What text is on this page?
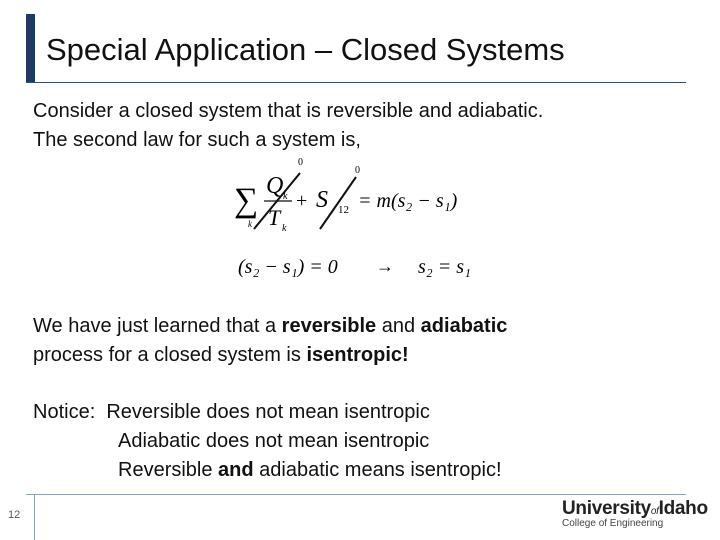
Special Application – Closed Systems
Consider a closed system that is reversible and adiabatic.
The second law for such a system is,
0
0
∑
k
Q k
T k
+ S 12 = m(s₂ − s₁)
(s₂ − s₁) = 0 → s₂ = s₁
We have just learned that a reversible and adiabatic
process for a closed system is isentropic!
Notice:  Reversible does not mean isentropic
Adiabatic does not mean isentropic
Reversible and adiabatic means isentropic!
12	UniversityofIdaho
College of Engineering
